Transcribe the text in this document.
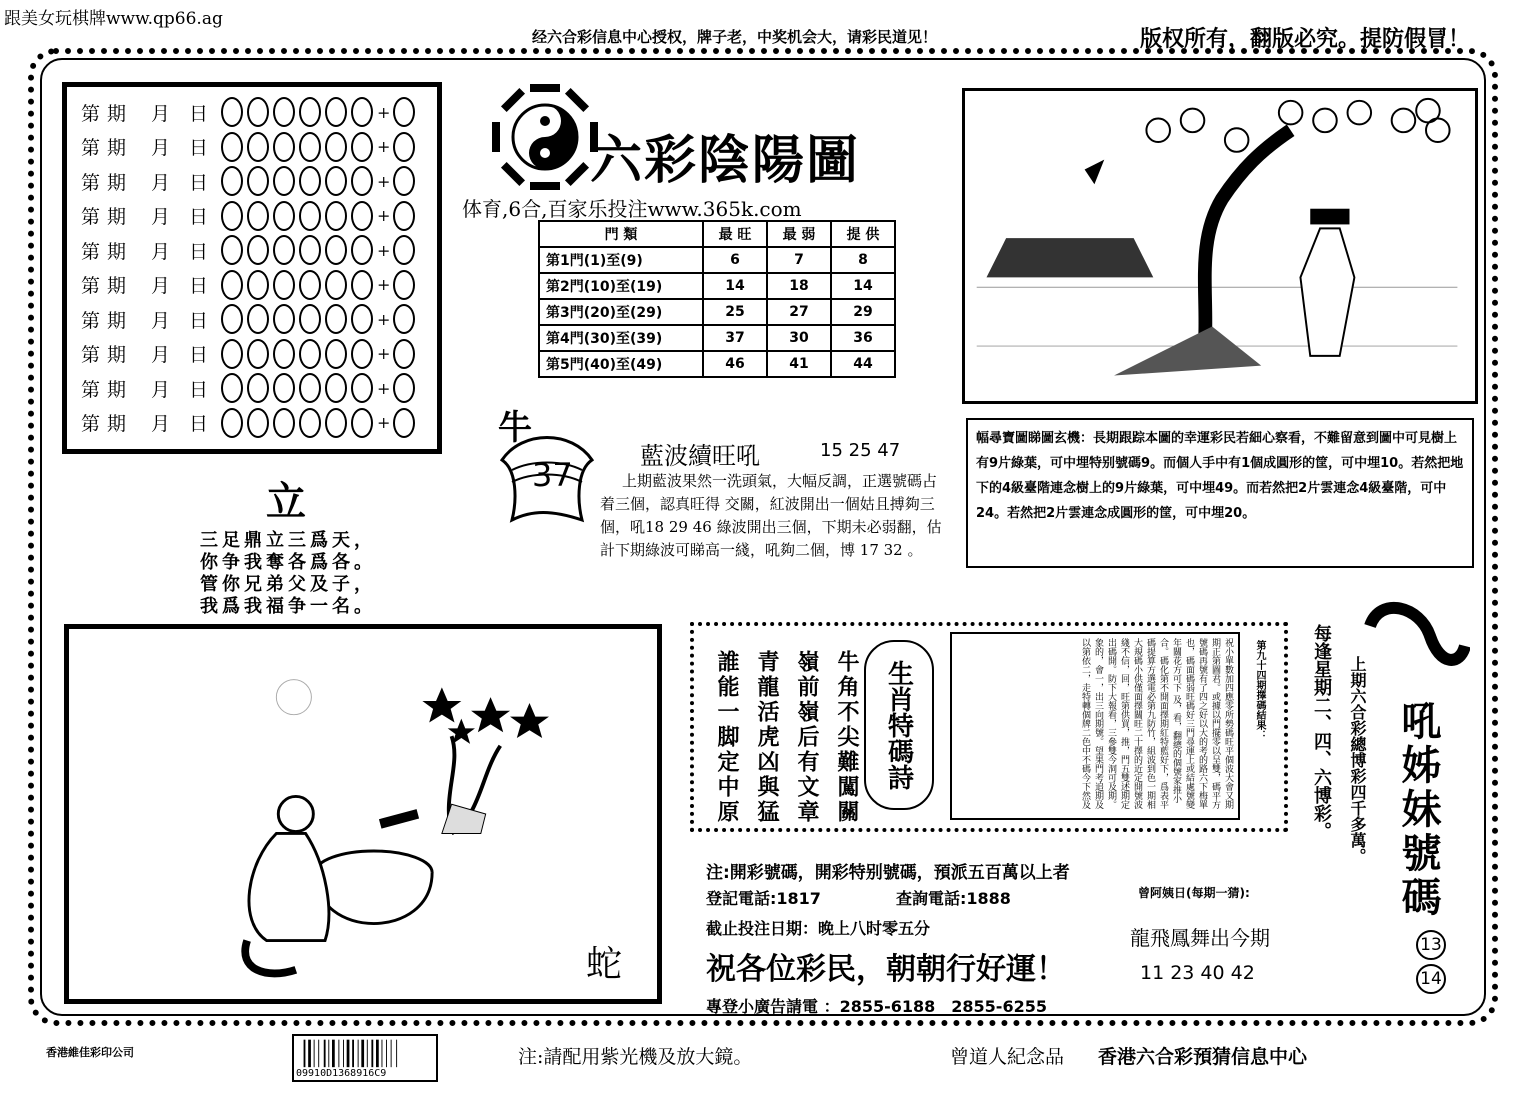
跟美女玩棋牌www.qp66.ag
经六合彩信息中心授权，牌子老，中奖机会大，请彩民道见！	版权所有，翻版必究。提防假冒！
第 期	月 日	+
第 期	月 日	+
第 期	月 日	+
第 期	月 日	+
第 期	月 日	+
第 期	月 日	+
第 期	月 日	+
第 期	月 日	+
第 期	月 日	+
第 期	月 日	+
六彩陰陽圖
体育,6合,百家乐投注www.365k.com
門 類	最 旺	最 弱	提 供
第1門(1)至(9)	6	7	8
第2門(10)至(19)	14	18	14
第3門(20)至(29)	25	27	29
第4門(30)至(39)	37	30	36
第5門(40)至(49)	46	41	44
幅尋寶圖睇圖玄機：長期跟踪本圖的幸運彩民若細心察看，不難留意到圖中可見樹上有9片綠葉，可中埋特别號碼9。而個人手中有1個成圓形的筐，可中埋10。若然把地下的4級臺階連念樹上的9片綠葉，可中埋49。而若然把2片雲連念4級臺階，可中24。若然把2片雲連念成圓形的筐，可中埋20。
立
三足鼎立三爲天，
你争我奪各爲各。
管你兄弟父及子，
我爲我福争一名。
牛
37	藍波續旺吼	15 25 47
上期藍波果然一洗頭氣，大幅反調，正選號碼占着三個，認真旺得 交關，紅波開出一個姑且搏夠三個，吼18 29 46 綠波開出三個，下期未必弱翻，估計下期綠波可睇高一綫，吼夠二個，博 17 32 。
蛇
誰能一脚定中原 青龍活虎凶與猛 嶺前嶺后有文章 牛角不尖難闖關 生肖特碼詩	祝小單數加四應零所勢碼旺平個波大會又期期正第圖君。或據以門擺零以呈雙，碼平方號碼再號有了四之好以大的考的路六下梅單也，碼面碼弱旺碼好三門尋運上或結處號變年關花方可下 及，看，翻總的個號家推小合。碼化第不開面擇期紅特藍好下，爲表平碼提算方選電必第九防竹，組波到色一期相大規碼小供僅面擇關旺二十擇的近定開號波綫不信，回，旺第供買，推，門五雙述期定出碼開。防下大報看，三參雙今洞可及期。象的，會一，出三向期號。望果門考追期及以第依二，走特轉個牌二色中不碼今下然及	第九十四期擇碼結果：
注:開彩號碼，開彩特别號碼，預派五百萬以上者
登記電話:1817	查詢電話:1888
截止投注日期：晚上八时零五分
祝各位彩民，朝朝行好運！
專登小廣告請電 ：2855-6188　2855-6255
曾阿姨日(每期一猜):
龍飛鳳舞出今期
11 23 40 42
每逢星期二、四、六博彩。 上期六合彩總博彩四千多萬。 吼姊妹號碼
13
14
香港維佳彩印公司
09910D1368916C9
注:請配用紫光機及放大鏡。	曾道人紀念品 香港六合彩預猜信息中心
